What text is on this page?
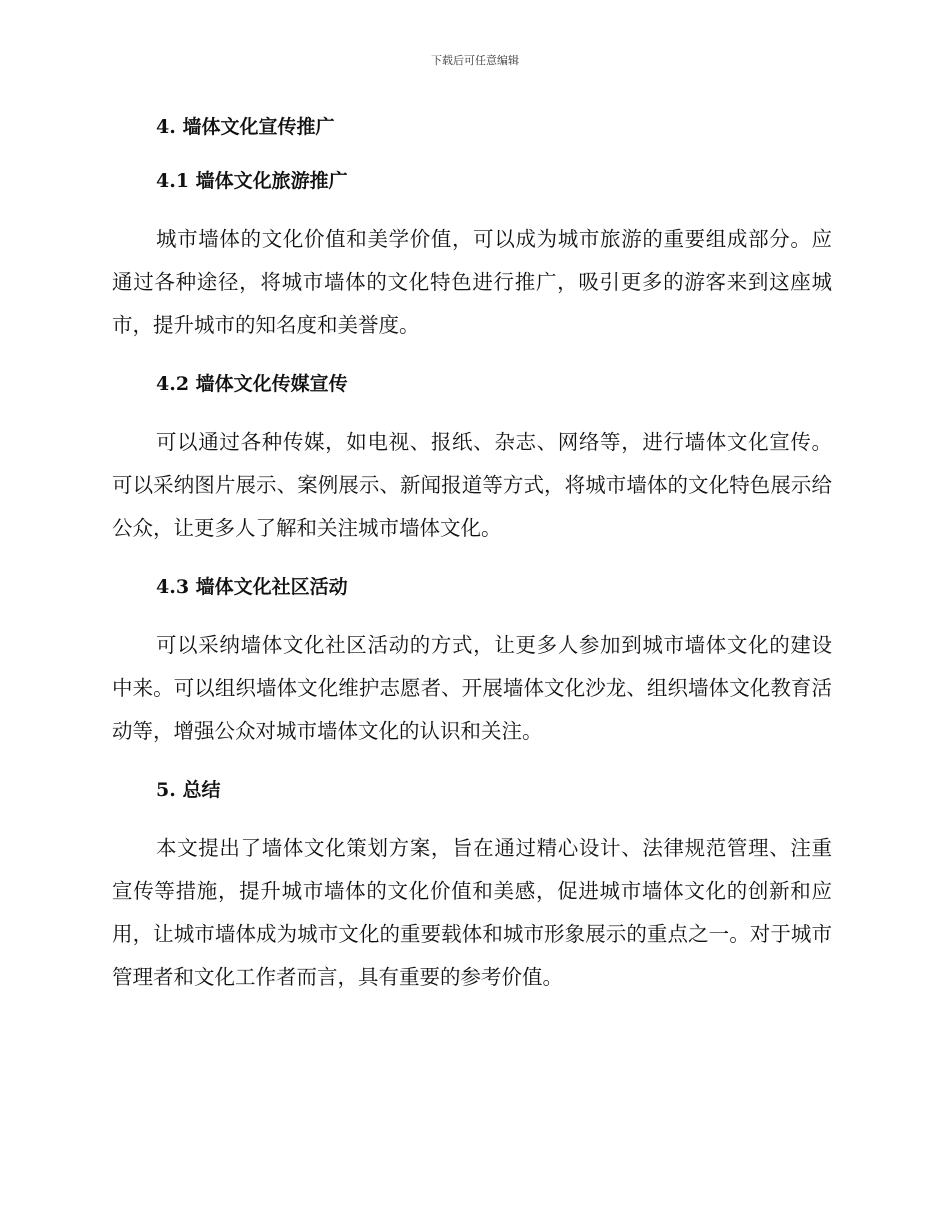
下载后可任意编辑
4. 墙体文化宣传推广
4.1 墙体文化旅游推广

城市墙体的文化价值和美学价值，可以成为城市旅游的重要组成部分。应通过各种途径，将城市墙体的文化特色进行推广，吸引更多的游客来到这座城市，提升城市的知名度和美誉度。

4.2 墙体文化传媒宣传

可以通过各种传媒，如电视、报纸、杂志、网络等，进行墙体文化宣传。可以采纳图片展示、案例展示、新闻报道等方式，将城市墙体的文化特色展示给公众，让更多人了解和关注城市墙体文化。

4.3 墙体文化社区活动

可以采纳墙体文化社区活动的方式，让更多人参加到城市墙体文化的建设中来。可以组织墙体文化维护志愿者、开展墙体文化沙龙、组织墙体文化教育活动等，增强公众对城市墙体文化的认识和关注。

5. 总结

本文提出了墙体文化策划方案，旨在通过精心设计、法律规范管理、注重宣传等措施，提升城市墙体的文化价值和美感，促进城市墙体文化的创新和应用，让城市墙体成为城市文化的重要载体和城市形象展示的重点之一。对于城市管理者和文化工作者而言，具有重要的参考价值。
